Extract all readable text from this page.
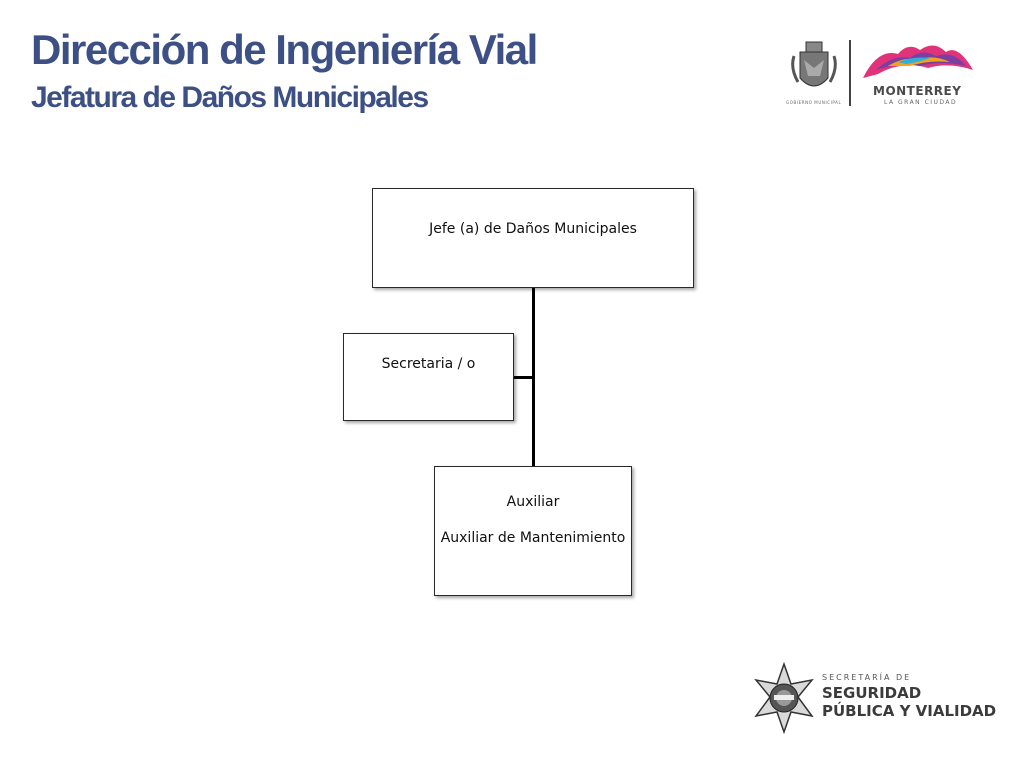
Dirección de Ingeniería Vial
Jefatura de Daños Municipales	GOBIERNO MUNICIPAL
MONTERREY
LA GRAN CIUDAD
Jefe (a) de Daños Municipales
Secretaria / o
Auxiliar
Auxiliar de Mantenimiento
SECRETARÍA DE
SEGURIDAD
PÚBLICA Y VIALIDAD
